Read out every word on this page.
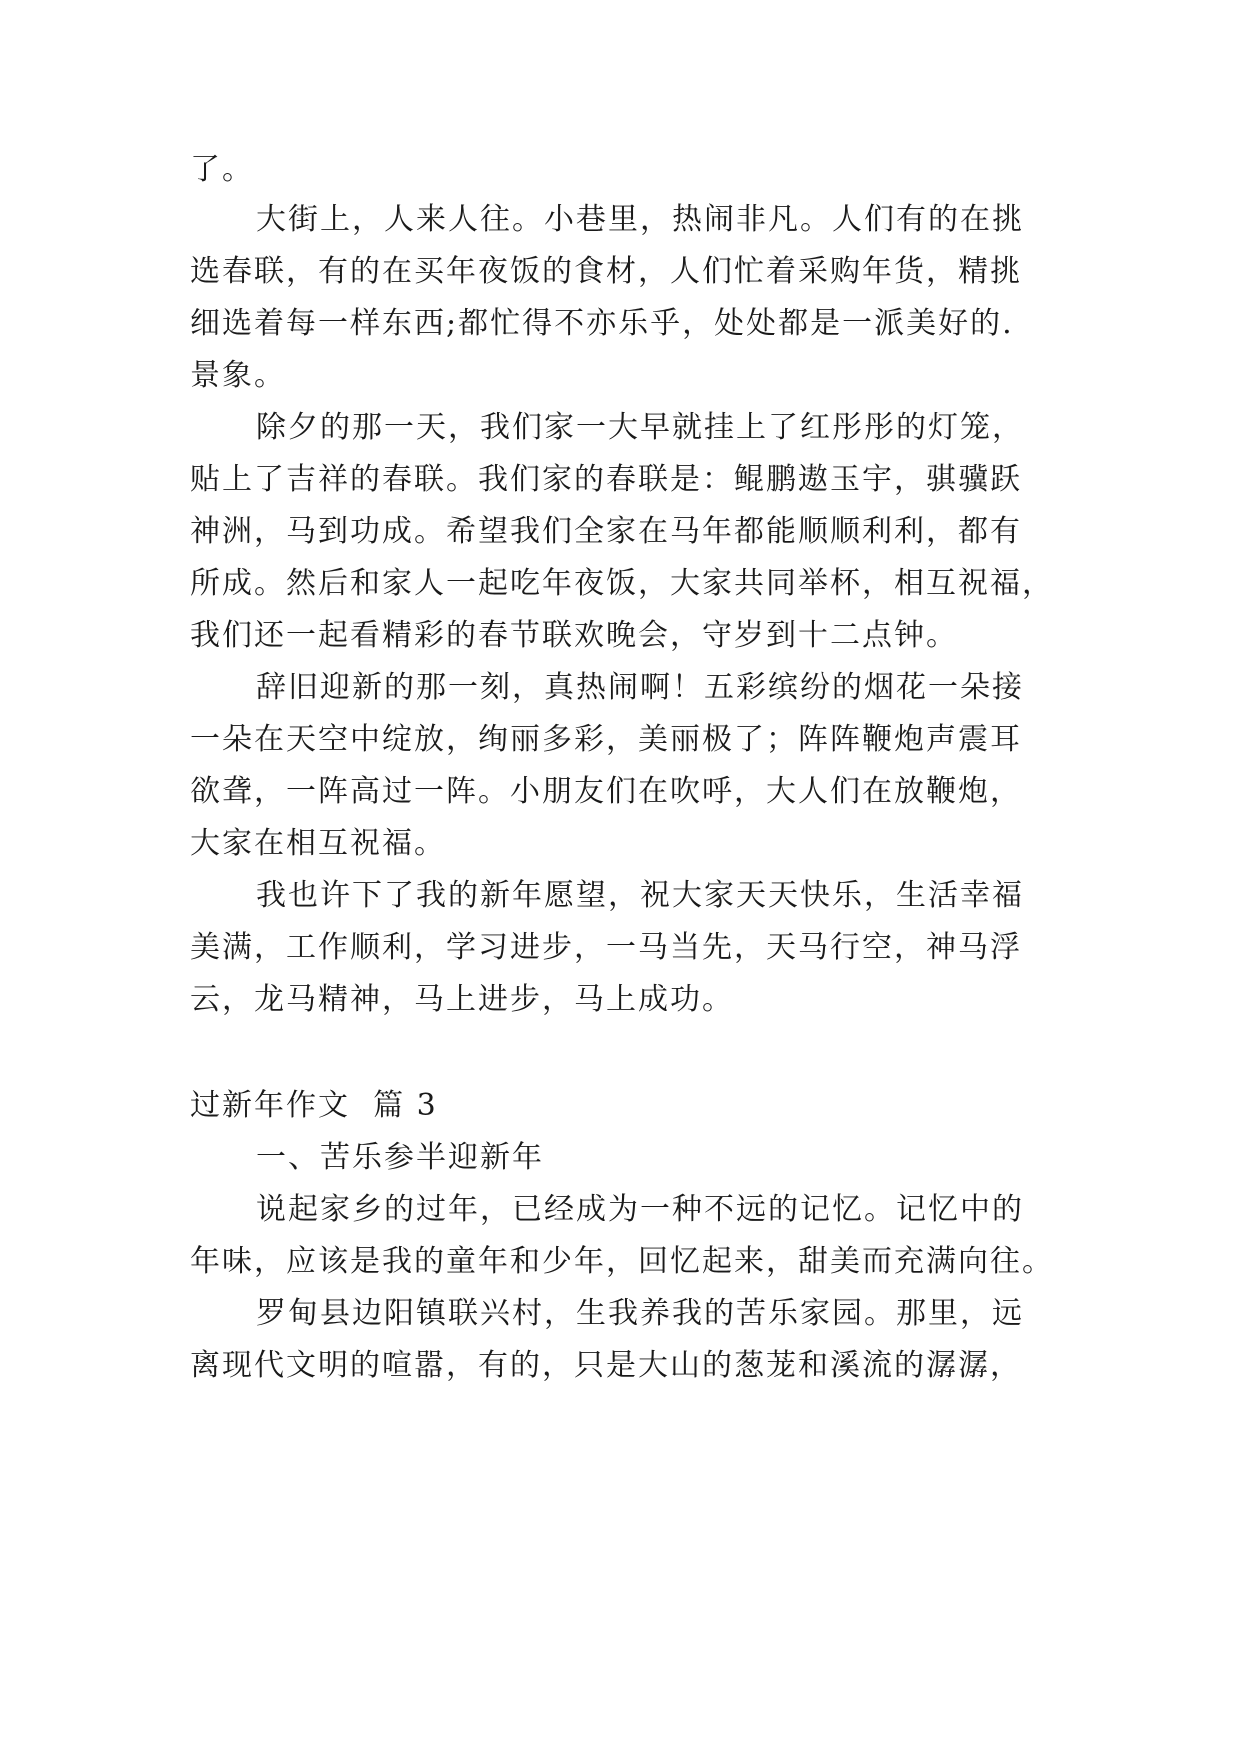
了。
大街上，人来人往。小巷里，热闹非凡。人们有的在挑
选春联，有的在买年夜饭的食材，人们忙着采购年货，精挑
细选着每一样东西;都忙得不亦乐乎，处处都是一派美好的.
景象。
除夕的那一天，我们家一大早就挂上了红彤彤的灯笼，
贴上了吉祥的春联。我们家的春联是：鲲鹏遨玉宇，骐骥跃
神洲，马到功成。希望我们全家在马年都能顺顺利利，都有
所成。然后和家人一起吃年夜饭，大家共同举杯，相互祝福，
我们还一起看精彩的春节联欢晚会，守岁到十二点钟。
辞旧迎新的那一刻，真热闹啊！五彩缤纷的烟花一朵接
一朵在天空中绽放，绚丽多彩，美丽极了；阵阵鞭炮声震耳
欲聋，一阵高过一阵。小朋友们在吹呼，大人们在放鞭炮，
大家在相互祝福。
我也许下了我的新年愿望，祝大家天天快乐，生活幸福
美满，工作顺利，学习进步，一马当先，天马行空，神马浮
云，龙马精神，马上进步，马上成功。
过新年作文  篇 3
一、苦乐参半迎新年
说起家乡的过年，已经成为一种不远的记忆。记忆中的
年味，应该是我的童年和少年，回忆起来，甜美而充满向往。
罗甸县边阳镇联兴村，生我养我的苦乐家园。那里，远
离现代文明的喧嚣，有的，只是大山的葱茏和溪流的潺潺，
